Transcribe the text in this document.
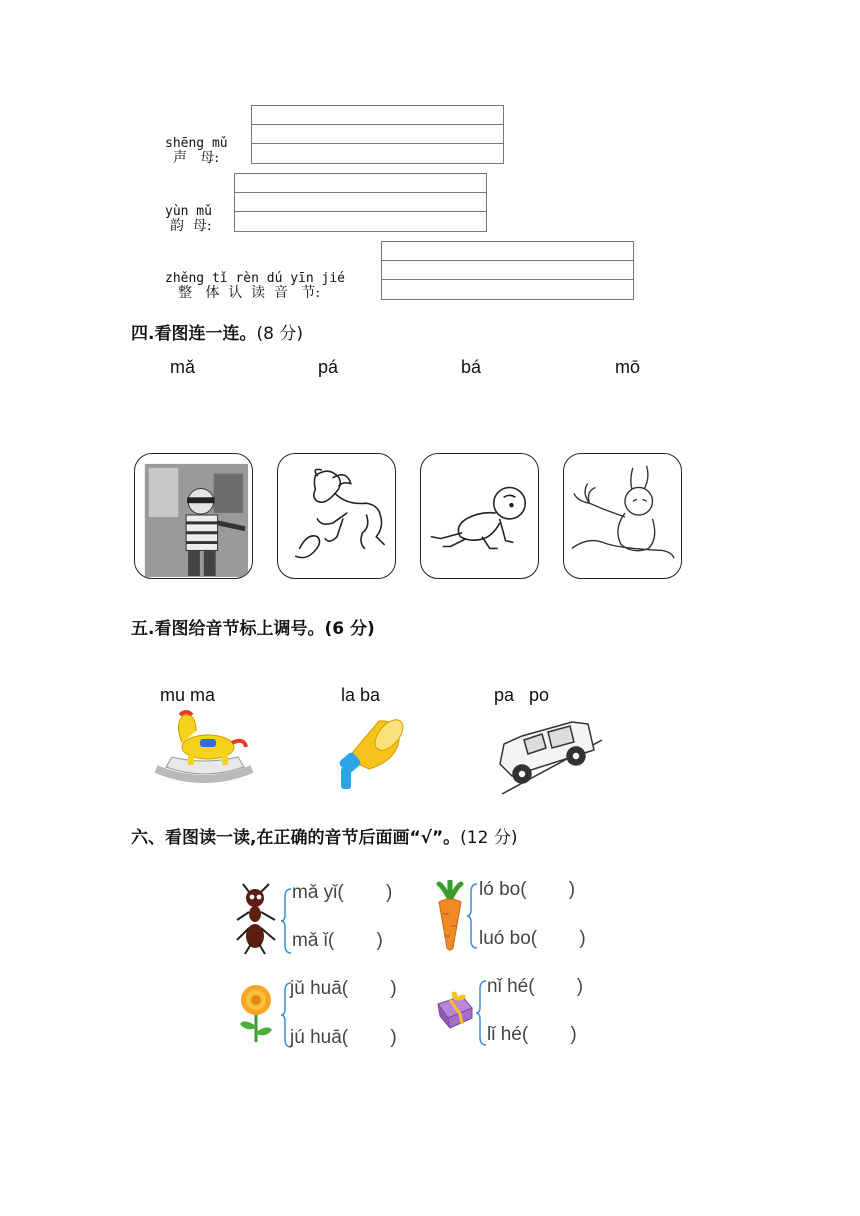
shēng mǔ
声   母:
yùn mǔ
韵  母:
zhěng tǐ rèn dú yīn jié
整   体  认  读  音   节:
四.看图连一连。(8 分)
mǎ	pá	bá	mō
五.看图给音节标上调号。(6 分)
mu ma	la ba	pa   po
六、看图读一读,在正确的音节后面画“√”。(12 分)
mǎ yǐ(        )
mǎ ǐ(        )
ló bo(        )
luó bo(        )
jǔ huā(        )
jú huā(        )
nǐ hé(        )
lǐ hé(        )
